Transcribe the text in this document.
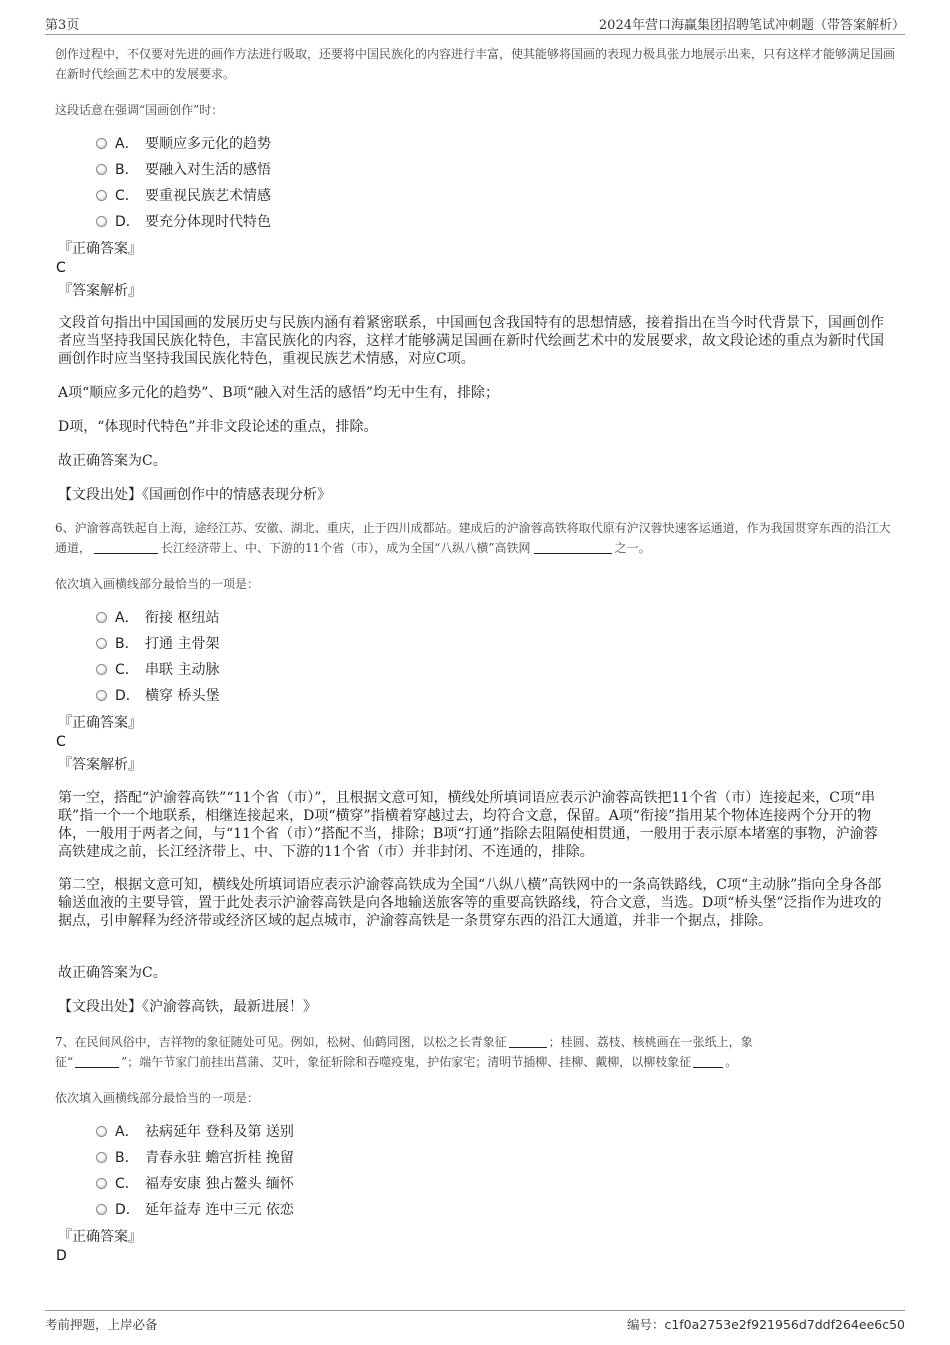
第3页	2024年营口海赢集团招聘笔试冲刺题（带答案解析）
创作过程中，不仅要对先进的画作方法进行吸取，还要将中国民族化的内容进行丰富，使其能够将国画的表现力极具张力地展示出来，只有这样才能够满足国画在新时代绘画艺术中的发展要求。
这段话意在强调“国画创作”时：
A． 要顺应多元化的趋势
B． 要融入对生活的感悟
C． 要重视民族艺术情感
D． 要充分体现时代特色
『正确答案』
C
『答案解析』
文段首句指出中国国画的发展历史与民族内涵有着紧密联系，中国画包含我国特有的思想情感，接着指出在当今时代背景下，国画创作者应当坚持我国民族化特色，丰富民族化的内容，这样才能够满足国画在新时代绘画艺术中的发展要求，故文段论述的重点为新时代国画创作时应当坚持我国民族化特色，重视民族艺术情感，对应C项。
A项“顺应多元化的趋势”、B项“融入对生活的感悟”均无中生有，排除；
D项，“体现时代特色”并非文段论述的重点，排除。
故正确答案为C。
【文段出处】《国画创作中的情感表现分析》
6、沪渝蓉高铁起自上海，途经江苏、安徽、湖北、重庆，止于四川成都站。建成后的沪渝蓉高铁将取代原有沪汉蓉快速客运通道，作为我国贯穿东西的沿江大通道，	长江经济带上、中、下游的11个省（市），成为全国“八纵八横”高铁网	之一。
依次填入画横线部分最恰当的一项是：
A． 衔接 枢纽站
B． 打通 主骨架
C． 串联 主动脉
D． 横穿 桥头堡
『正确答案』
C
『答案解析』
第一空，搭配“沪渝蓉高铁”“11个省（市）”，且根据文意可知，横线处所填词语应表示沪渝蓉高铁把11个省（市）连接起来，C项“串联”指一个一个地联系，相继连接起来，D项“横穿”指横着穿越过去，均符合文意，保留。A项“衔接”指用某个物体连接两个分开的物体，一般用于两者之间，与“11个省（市）”搭配不当，排除；B项“打通”指除去阻隔使相贯通，一般用于表示原本堵塞的事物，沪渝蓉高铁建成之前，长江经济带上、中、下游的11个省（市）并非封闭、不连通的，排除。
第二空，根据文意可知，横线处所填词语应表示沪渝蓉高铁成为全国“八纵八横”高铁网中的一条高铁路线，C项“主动脉”指向全身各部输送血液的主要导管，置于此处表示沪渝蓉高铁是向各地输送旅客等的重要高铁路线，符合文意，当选。D项“桥头堡”泛指作为进攻的据点，引申解释为经济带或经济区域的起点城市，沪渝蓉高铁是一条贯穿东西的沿江大通道，并非一个据点，排除。
故正确答案为C。
【文段出处】《沪渝蓉高铁，最新进展！》
7、在民间风俗中，吉祥物的象征随处可见。例如，松树、仙鹤同图，以松之长青象征	；桂圆、荔枝、核桃画在一张纸上，象
征“	”；端午节家门前挂出菖蒲、艾叶，象征斩除和吞噬疫鬼，护佑家宅；清明节插柳、挂柳、戴柳，以柳枝象征	。
依次填入画横线部分最恰当的一项是：
A． 祛病延年 登科及第 送别
B． 青春永驻 蟾宫折桂 挽留
C． 福寿安康 独占鳌头 缅怀
D． 延年益寿 连中三元 依恋
『正确答案』
D
考前押题，上岸必备	编号：c1f0a2753e2f921956d7ddf264ee6c50
